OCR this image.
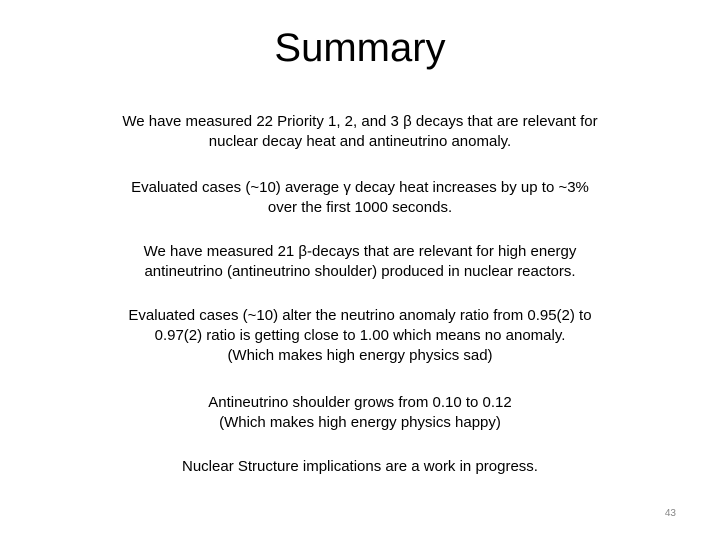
Summary
We have measured 22 Priority 1, 2, and 3 β decays that are relevant for
nuclear decay heat and antineutrino anomaly.
Evaluated cases (~10) average γ decay heat increases by up to ~3%
over the first 1000 seconds.
We have measured 21 β-decays that are relevant for high energy
antineutrino (antineutrino shoulder) produced in nuclear reactors.
Evaluated cases (~10) alter the neutrino anomaly ratio from 0.95(2) to
0.97(2) ratio is getting close to 1.00 which means no anomaly.
(Which makes high energy physics sad)
Antineutrino shoulder grows from 0.10 to 0.12
(Which makes high energy physics happy)
Nuclear Structure implications are a work in progress.
43
